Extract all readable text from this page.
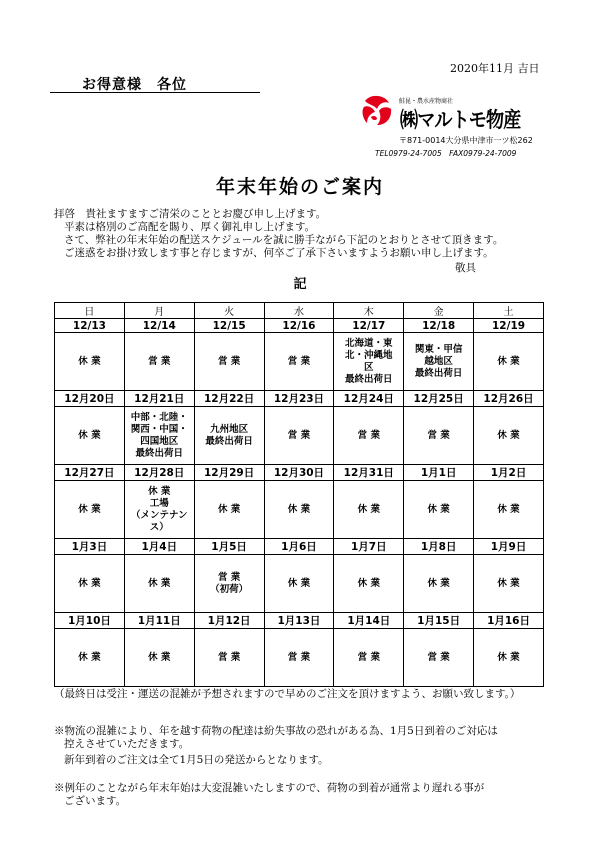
2020年11月 吉日
お得意様　各位
鮭昆・農水産物商社
㈱マルトモ物産
〒871-0014大分県中津市一ツ松262
TEL0979-24-7005　FAX0979-24-7009
年末年始のご案内
拝啓　貴社ますますご清栄のこととお慶び申し上げます。
平素は格別のご高配を賜り、厚く御礼申し上げます。
さて、弊社の年末年始の配送スケジュールを誠に勝手ながら下記のとおりとさせて頂きます。
ご迷惑をお掛け致します事と存じますが、何卒ご了承下さいますようお願い申し上げます。
敬具
記
日	月	火	水	木	金	土
12/13	12/14	12/15	12/16	12/17	12/18	12/19
休 業	営 業	営 業	営 業	北海道・東
北・沖縄地
区
最終出荷日	関東・甲信
越地区
最終出荷日	休 業
12月20日	12月21日	12月22日	12月23日	12月24日	12月25日	12月26日
休 業	中部・北陸・
関西・中国・
四国地区
最終出荷日	九州地区
最終出荷日	営 業	営 業	営 業	休 業
12月27日	12月28日	12月29日	12月30日	12月31日	1月1日	1月2日
休 業	休 業
工場
（メンテナンス）	休 業	休 業	休 業	休 業	休 業
1月3日	1月4日	1月5日	1月6日	1月7日	1月8日	1月9日
休 業	休 業	営 業
（初荷）	休 業	休 業	休 業	休 業
1月10日	1月11日	1月12日	1月13日	1月14日	1月15日	1月16日
休 業	休 業	営 業	営 業	営 業	営 業	休 業
（最終日は受注・運送の混雑が予想されますので早めのご注文を頂けますよう、お願い致します。）
※物流の混雑により、年を越す荷物の配達は紛失事故の恐れがある為、1月5日到着のご対応は
控えさせていただきます。
新年到着のご注文は全て1月5日の発送からとなります。
※例年のことながら年末年始は大変混雑いたしますので、荷物の到着が通常より遅れる事が
ございます。
